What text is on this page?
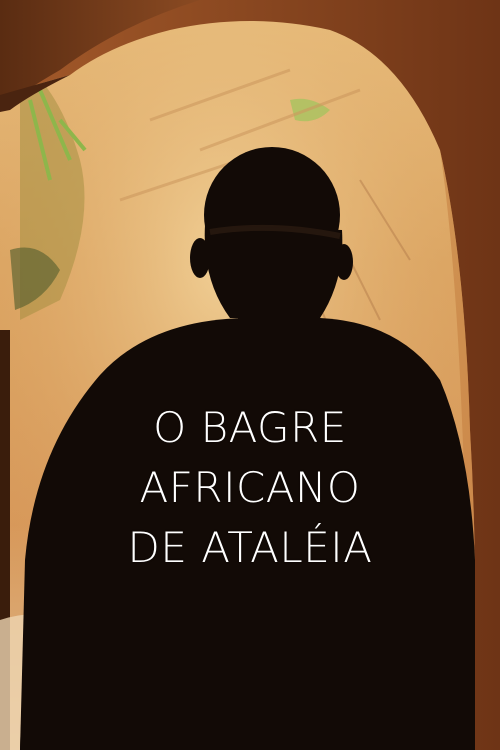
O BAGRE
AFRICANO
DE ATALÉIA
